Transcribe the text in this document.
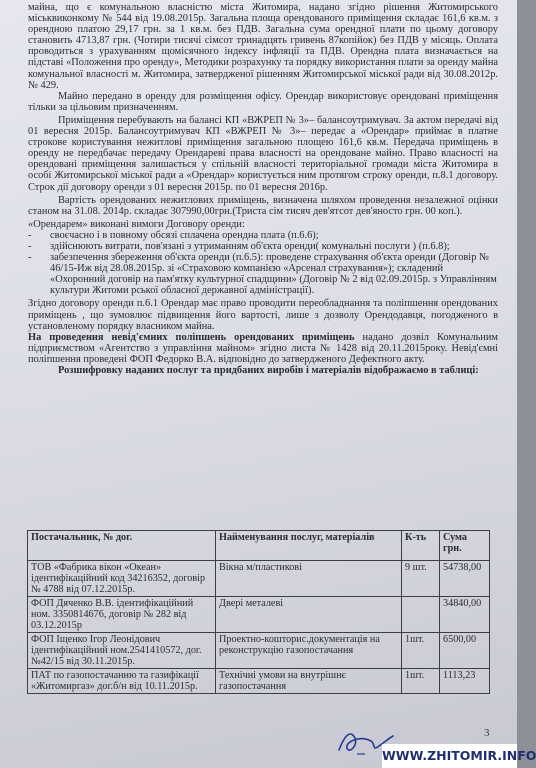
майна, що є комунальною власністю міста Житомира, надано згідно рішення Житомирського міськвиконкому № 544 від 19.08.2015р. Загальна площа орендованого приміщення складає 161,6 кв.м. з орендною платою 29,17 грн. за 1 кв.м. без ПДВ. Загальна сума орендної плати по цьому договору становить 4713,87 грн. (Чотири тисячі сімсот тринадцять гривень 87копійок) без ПДВ у місяць. Оплата проводиться з урахуванням щомісячного індексу інфляції та ПДВ. Орендна плата визначається на підставі «Положення про оренду», Методики розрахунку та порядку використання плати за оренду майна комунальної власності м. Житомира, затвердженої рішенням Житомирської міської ради від 30.08.2012р. № 429.

Майно передано в оренду для розміщення офісу. Орендар використовує орендовані приміщення тільки за цільовим призначенням.

Приміщення перебувають на балансі КП «ВЖРЕП № 3»– балансоутримувач. За актом передачі від 01 вересня 2015р. Балансоутримувач КП «ВЖРЕП № 3»– передає а «Орендар» приймає в платне строкове користування нежитлові приміщення загальною площею 161,6 кв.м. Передача приміщень в оренду не передбачає передачу Орендареві права власності на орендоване майно. Право власності на орендовані приміщення залишається у спільній власності територіальної громади міста Житомира в особі Житомирської міської ради а «Орендар» користується ним протягом строку оренди, п.8.1 договору. Строк дії договору оренди з 01 вересня 2015р. по 01 вересня 2016р.

Вартість орендованих нежитлових приміщень, визначена шляхом проведення незалежної оцінки станом на 31.08. 2014р. складає 307990,00грн.(Триста сім тисяч дев'ятсот дев'яносто грн. 00 коп.).

«Орендарем» виконані вимоги Договору оренди:

-	своєчасно і в повному обсязі сплачена орендна плата (п.6.6);
-	здійснюють витрати, пов'язані з утриманням об'єкта оренди( комунальні послуги ) (п.6.8);
-	забезпечення збереження об'єкта оренди (п.6.5): проведене страхування об'єкта оренди (Договір № 46/15-Иж від 28.08.2015р. зі «Страховою компанією «Арсенал страхування»); складений «Охоронний договір на пам'ятку культурної спадщини» (Договір № 2 від 02.09.2015р. з Управлінням культури Житоми рської обласної державної адміністрації).

Згідно договору оренди п.6.1 Орендар має право проводити переобладнання та поліпшення орендованих приміщень , що зумовлює підвищення його вартості, лише з дозволу Орендодавця, погодженого в установленому порядку власником майна.

На проведення невід'ємних поліпшень орендованих приміщень надано дозвіл Комунальним підприємством «Агентство з управління майном» згідно листа № 1428 від 20.11.2015року. Невід'ємні поліпшення проведені ФОП Федорко В.А. відповідно до затвердженого Дефектного акту.

Розшифровку наданих послуг та придбаних виробів і матеріалів відображаємо в таблиці:

Постачальник, № дог.	Найменування послуг, матеріалів	К-ть	Сума грн.
ТОВ «Фабрика вікон «Океан» ідентифікаційний код 34216352, договір № 4788 від 07.12.2015р.	Вікна м/пластикові	9 шт.	54738,00
ФОП Дяченко В.В. ідентифікаційний ном. 3350814676, договір № 282 від 03.12.2015р	Двері металеві		34840,00
ФОП Іщенко Ігор Леонідович ідентифікаційний ном.2541410572, дог.№42/15 від 30.11.2015р.	Проектно-кошторис.документація на реконструкцію газопостачання	1шт.	6500,00
ПАТ по газопостачанню та газифікації «Житомиргаз» дог.б/н від 10.11.2015р.	Технічні умови на внутрішнє газопостачання	1шт.	1113,23
3
WWW.ZHITOMIR.INFO
